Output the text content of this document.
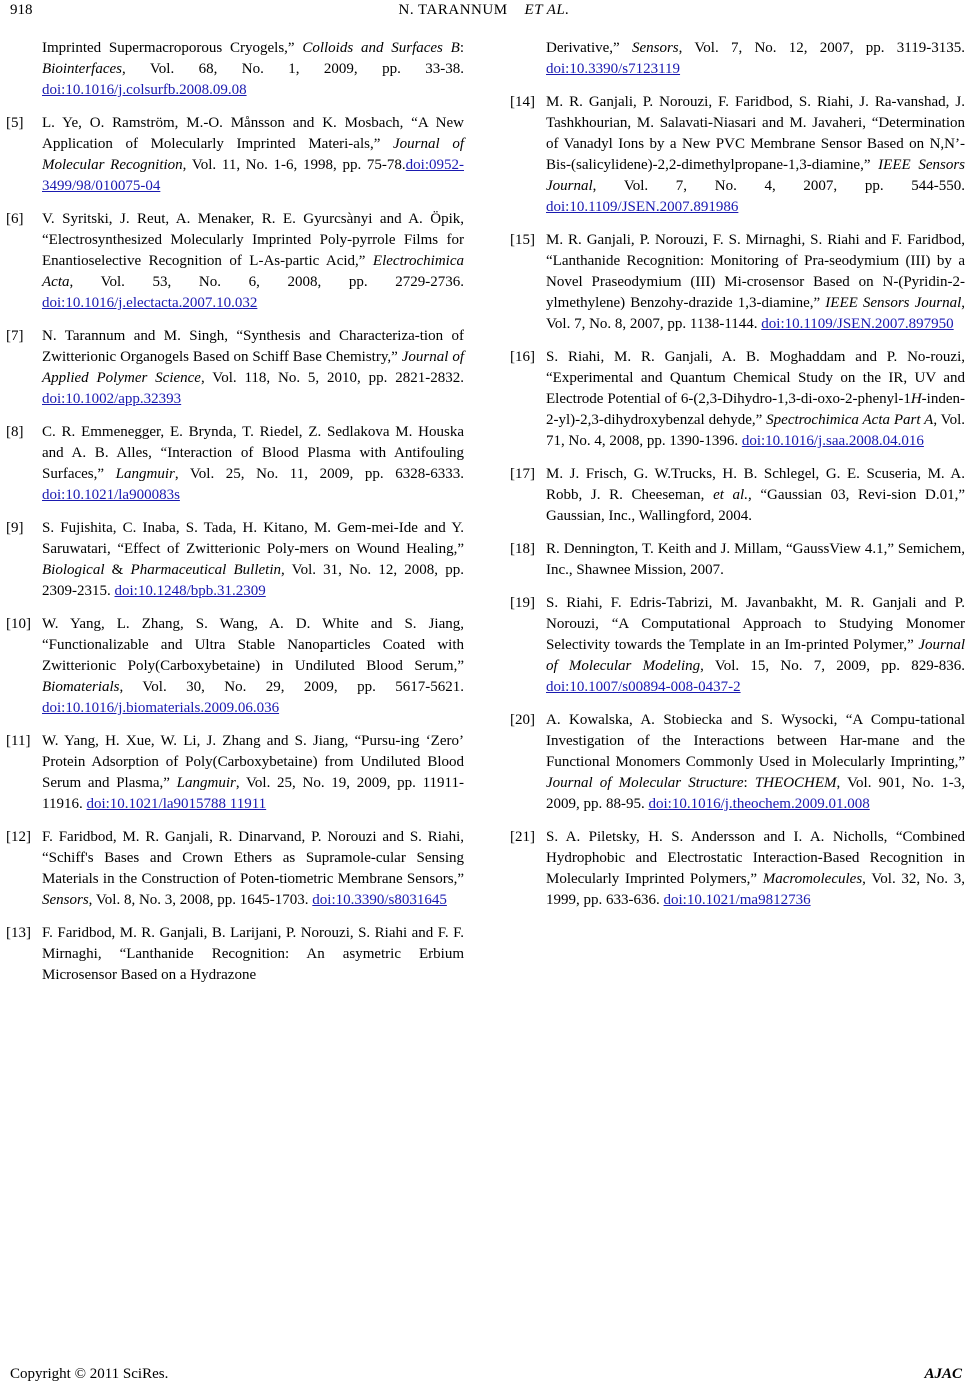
918	N. TARANNUM ET AL.
Imprinted Supermacroporous Cryogels,” Colloids and Surfaces B: Biointerfaces, Vol. 68, No. 1, 2009, pp. 33-38. doi:10.1016/j.colsurfb.2008.09.08
[5] L. Ye, O. Ramström, M.-O. Månsson and K. Mosbach, “A New Application of Molecularly Imprinted Materi-als,” Journal of Molecular Recognition, Vol. 11, No. 1-6, 1998, pp. 75-78.doi:0952-3499/98/010075-04
[6] V. Syritski, J. Reut, A. Menaker, R. E. Gyurcsànyi and A. Öpik, “Electrosynthesized Molecularly Imprinted Poly-pyrrole Films for Enantioselective Recognition of L-As-partic Acid,” Electrochimica Acta, Vol. 53, No. 6, 2008, pp. 2729-2736. doi:10.1016/j.electacta.2007.10.032
[7] N. Tarannum and M. Singh, “Synthesis and Characteriza-tion of Zwitterionic Organogels Based on Schiff Base Chemistry,” Journal of Applied Polymer Science, Vol. 118, No. 5, 2010, pp. 2821-2832. doi:10.1002/app.32393
[8] C. R. Emmenegger, E. Brynda, T. Riedel, Z. Sedlakova M. Houska and A. B. Alles, “Interaction of Blood Plasma with Antifouling Surfaces,” Langmuir, Vol. 25, No. 11, 2009, pp. 6328-6333. doi:10.1021/la900083s
[9] S. Fujishita, C. Inaba, S. Tada, H. Kitano, M. Gem-mei-Ide and Y. Saruwatari, “Effect of Zwitterionic Poly-mers on Wound Healing,” Biological & Pharmaceutical Bulletin, Vol. 31, No. 12, 2008, pp. 2309-2315. doi:10.1248/bpb.31.2309
[10] W. Yang, L. Zhang, S. Wang, A. D. White and S. Jiang, “Functionalizable and Ultra Stable Nanoparticles Coated with Zwitterionic Poly(Carboxybetaine) in Undiluted Blood Serum,” Biomaterials, Vol. 30, No. 29, 2009, pp. 5617-5621. doi:10.1016/j.biomaterials.2009.06.036
[11] W. Yang, H. Xue, W. Li, J. Zhang and S. Jiang, “Pursu-ing ‘Zero’ Protein Adsorption of Poly(Carboxybetaine) from Undiluted Blood Serum and Plasma,” Langmuir, Vol. 25, No. 19, 2009, pp. 11911-11916. doi:10.1021/la9015788 11911
[12] F. Faridbod, M. R. Ganjali, R. Dinarvand, P. Norouzi and S. Riahi, “Schiff's Bases and Crown Ethers as Supramole-cular Sensing Materials in the Construction of Poten-tiometric Membrane Sensors,” Sensors, Vol. 8, No. 3, 2008, pp. 1645-1703. doi:10.3390/s8031645
[13] F. Faridbod, M. R. Ganjali, B. Larijani, P. Norouzi, S. Riahi and F. F. Mirnaghi, “Lanthanide Recognition: An asymetric Erbium Microsensor Based on a Hydrazone
Derivative,” Sensors, Vol. 7, No. 12, 2007, pp. 3119-3135. doi:10.3390/s7123119
[14] M. R. Ganjali, P. Norouzi, F. Faridbod, S. Riahi, J. Ra-vanshad, J. Tashkhourian, M. Salavati-Niasari and M. Javaheri, “Determination of Vanadyl Ions by a New PVC Membrane Sensor Based on N,N’-Bis-(salicylidene)-2,2-dimethylpropane-1,3-diamine,” IEEE Sensors Journal, Vol. 7, No. 4, 2007, pp. 544-550. doi:10.1109/JSEN.2007.891986
[15] M. R. Ganjali, P. Norouzi, F. S. Mirnaghi, S. Riahi and F. Faridbod, “Lanthanide Recognition: Monitoring of Pra-seodymium (III) by a Novel Praseodymium (III) Mi-crosensor Based on N-(Pyridin-2-ylmethylene) Benzohy-drazide 1,3-diamine,” IEEE Sensors Journal, Vol. 7, No. 8, 2007, pp. 1138-1144. doi:10.1109/JSEN.2007.897950
[16] S. Riahi, M. R. Ganjali, A. B. Moghaddam and P. No-rouzi, “Experimental and Quantum Chemical Study on the IR, UV and Electrode Potential of 6-(2,3-Dihydro-1,3-di-oxo-2-phenyl-1H-inden-2-yl)-2,3-dihydroxybenzal dehyde,” Spectrochimica Acta Part A, Vol. 71, No. 4, 2008, pp. 1390-1396. doi:10.1016/j.saa.2008.04.016
[17] M. J. Frisch, G. W.Trucks, H. B. Schlegel, G. E. Scuseria, M. A. Robb, J. R. Cheeseman, et al., “Gaussian 03, Revi-sion D.01,” Gaussian, Inc., Wallingford, 2004.
[18] R. Dennington, T. Keith and J. Millam, “GaussView 4.1,” Semichem, Inc., Shawnee Mission, 2007.
[19] S. Riahi, F. Edris-Tabrizi, M. Javanbakht, M. R. Ganjali and P. Norouzi, “A Computational Approach to Studying Monomer Selectivity towards the Template in an Im-printed Polymer,” Journal of Molecular Modeling, Vol. 15, No. 7, 2009, pp. 829-836. doi:10.1007/s00894-008-0437-2
[20] A. Kowalska, A. Stobiecka and S. Wysocki, “A Compu-tational Investigation of the Interactions between Har-mane and the Functional Monomers Commonly Used in Molecularly Imprinting,” Journal of Molecular Structure: THEOCHEM, Vol. 901, No. 1-3, 2009, pp. 88-95. doi:10.1016/j.theochem.2009.01.008
[21] S. A. Piletsky, H. S. Andersson and I. A. Nicholls, “Combined Hydrophobic and Electrostatic Interaction-Based Recognition in Molecularly Imprinted Polymers,” Macromolecules, Vol. 32, No. 3, 1999, pp. 633-636. doi:10.1021/ma9812736
Copyright © 2011 SciRes.	AJAC
